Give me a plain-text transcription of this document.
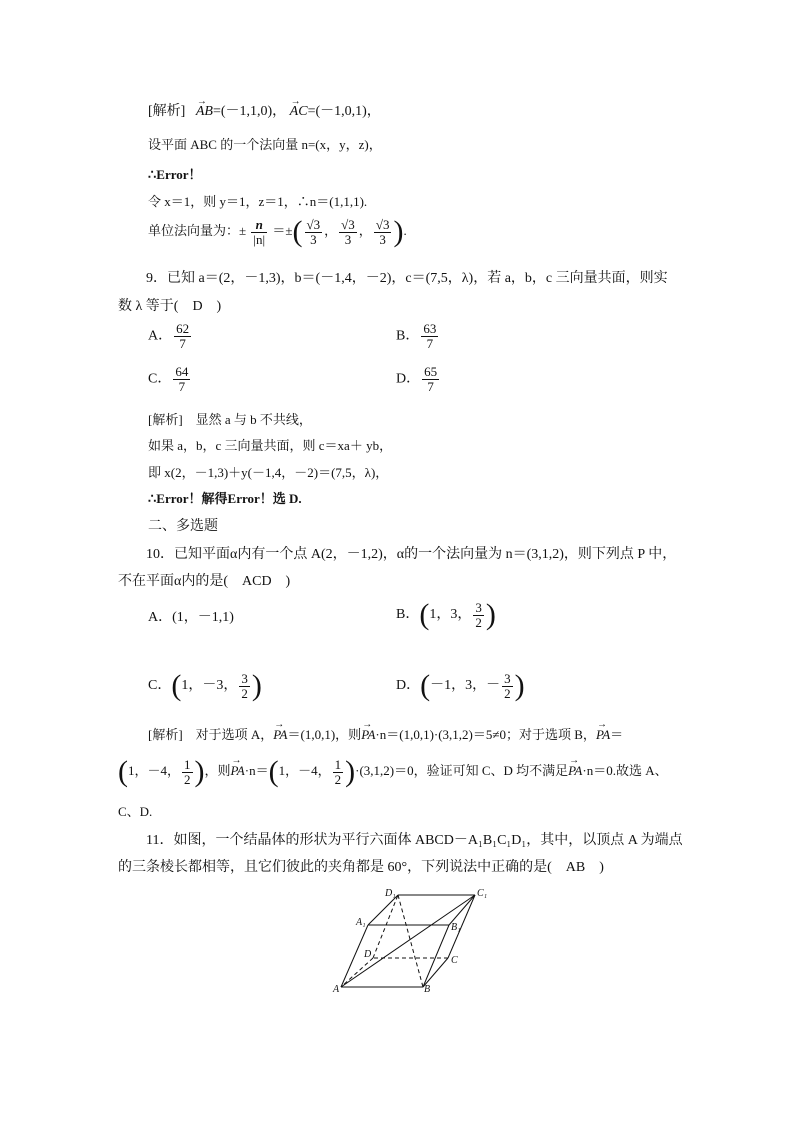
[解析] → AB=(－1,1,0)， → AC=(－1,0,1)，
设平面 ABC 的一个法向量 n=(x，y，z)，
∴Error！
令 x＝1，则 y＝1，z＝1，∴n＝(1,1,1).
单位法向量为：± $\frac{n}{|n|}$ ＝±( $\frac{√3}{3}$ ， $\frac{√3}{3}$ ， $\frac{√3}{3}$ ).
9．已知 a＝(2，－1,3)，b＝(－1,4，－2)，c＝(7,5，λ)，若 a，b，c 三向量共面，则实
数 λ 等于(　D　)
A． $\frac{62}{7}$	B． $\frac{63}{7}$
C． $\frac{64}{7}$	D． $\frac{65}{7}$
[解析]　显然 a 与 b 不共线，
如果 a，b，c 三向量共面，则 c＝xa＋ yb，
即 x(2，－1,3)＋y(－1,4，－2)＝(7,5，λ)，
∴Error！解得Error！选 D.
二、多选题
10．已知平面α内有一个点 A(2，－1,2)，α的一个法向量为 n＝(3,1,2)，则下列点 P 中，
不在平面α内的是(　ACD　)
A．(1，－1,1)	B．(1，3， $\frac{3}{2}$ )
C．(1，－3， $\frac{3}{2}$ )	D．(－1，3，－ $\frac{3}{2}$ )
[解析]　对于选项 A，→ PA＝(1,0,1)，则→ PA·n＝(1,0,1)·(3,1,2)＝5≠0；对于选项 B，→ PA＝
(1，－4， $\frac{1}{2}$ )，则→ PA·n＝(1，－4， $\frac{1}{2} )\cdot(3,1,2)=0$，验证可知 C、D 均不满足→ PA·n＝0.故选 A、
C、D.
11．如图，一个结晶体的形状为平行六面体 ABCD－A₁B₁C₁D₁，其中，以顶点 A 为端点
的三条棱长都相等，且它们彼此的夹角都是 60°，下列说法中正确的是(　AB　)
A	B
C
D
A₁	B₁
C₁
D₁
